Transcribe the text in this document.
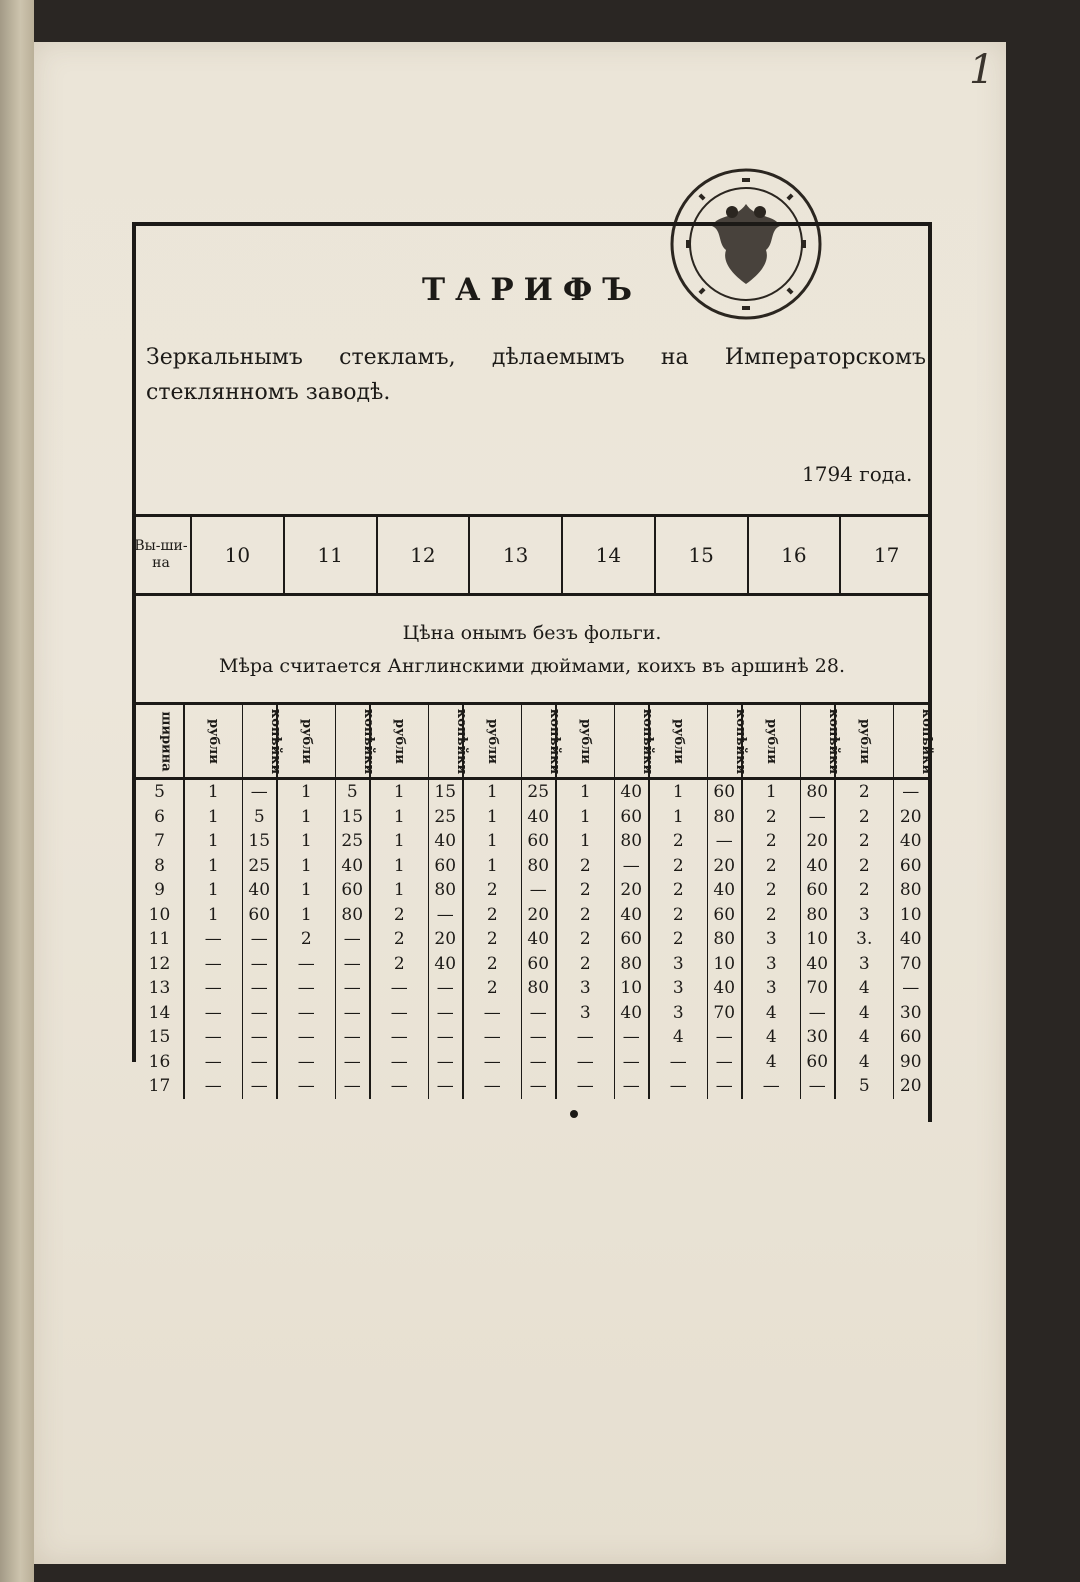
1
ТАРИФЪ
Зеркальнымъ стекламъ, дѣлаемымъ на Императорскомъ стеклянномъ заводѣ.
1794 года.
Вы-ши-на	10	11	12	13	14	15	16	17
Цѣна онымъ безъ фольги.
Мѣра считается Англинскими дюймами, коихъ въ аршинѣ 28.
ширина	рубли	копѣйки	рубли	копѣйки	рубли	копѣйки	рубли	копѣйки	рубли	копѣйки	рубли	копѣйки	рубли	копѣйки	рубли	копѣйки
5	1	—	1	5	1	15	1	25	1	40	1	60	1	80	2	—
6	1	5	1	15	1	25	1	40	1	60	1	80	2	—	2	20
7	1	15	1	25	1	40	1	60	1	80	2	—	2	20	2	40
8	1	25	1	40	1	60	1	80	2	—	2	20	2	40	2	60
9	1	40	1	60	1	80	2	—	2	20	2	40	2	60	2	80
10	1	60	1	80	2	—	2	20	2	40	2	60	2	80	3	10
11	—	—	2	—	2	20	2	40	2	60	2	80	3	10	3.	40
12	—	—	—	—	2	40	2	60	2	80	3	10	3	40	3	70
13	—	—	—	—	—	—	2	80	3	10	3	40	3	70	4	—
14	—	—	—	—	—	—	—	—	3	40	3	70	4	—	4	30
15	—	—	—	—	—	—	—	—	—	—	4	—	4	30	4	60
16	—	—	—	—	—	—	—	—	—	—	—	—	4	60	4	90
17	—	—	—	—	—	—	—	—	—	—	—	—	—	—	5	20
